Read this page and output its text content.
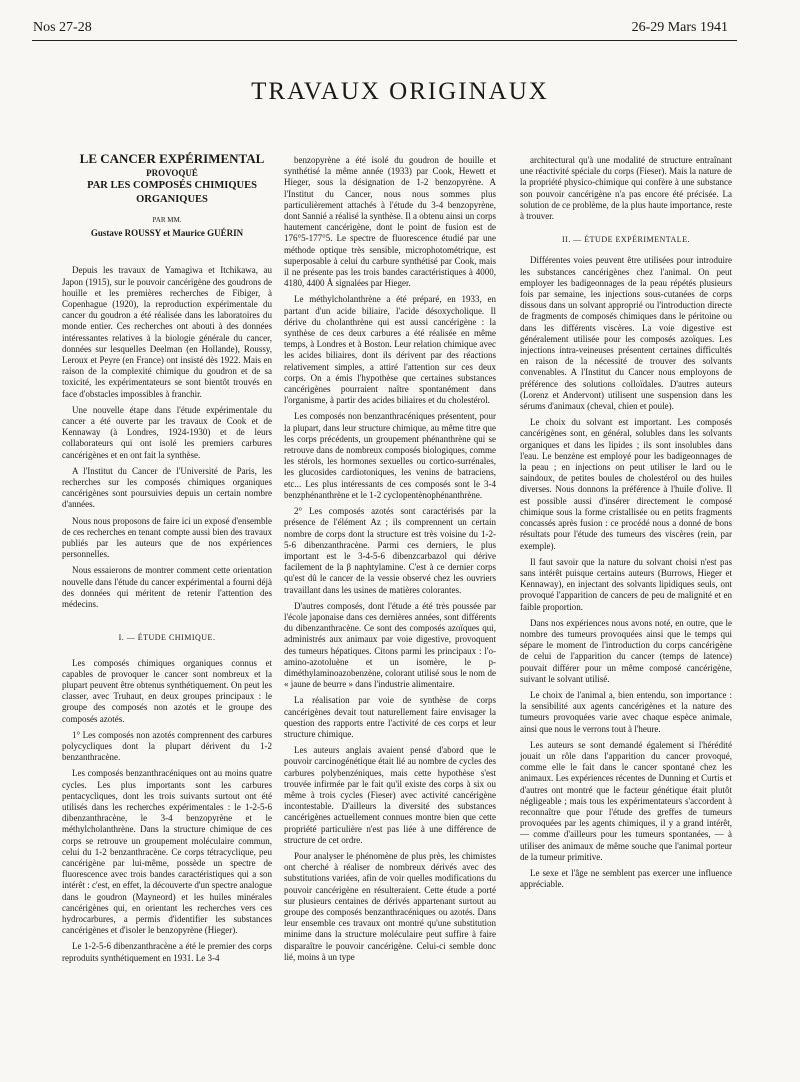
Nos 27-28	26-29 Mars 1941
TRAVAUX ORIGINAUX

LE CANCER EXPÉRIMENTAL

PROVOQUÉ

PAR LES COMPOSÉS CHIMIQUES

ORGANIQUES

PAR MM.
Gustave ROUSSY et Maurice GUÉRIN

Depuis les travaux de Yamagiwa et Itchikawa, au Japon (1915), sur le pouvoir cancérigène des goudrons de houille et les premières recherches de Fibiger, à Copenhague (1920), la reproduction expérimentale du cancer du goudron a été réalisée dans les laboratoires du monde entier. Ces recherches ont abouti à des données intéressantes relatives à la biologie générale du cancer, données sur lesquelles Deelman (en Hollande), Roussy, Leroux et Peyre (en France) ont insisté dès 1922. Mais en raison de la complexité chimique du goudron et de sa toxicité, les expérimentateurs se sont bientôt trouvés en face d'obstacles impossibles à franchir.

Une nouvelle étape dans l'étude expérimentale du cancer a été ouverte par les travaux de Cook et de Kennaway (à Londres, 1924-1930) et de leurs collaborateurs qui ont isolé les premiers carbures cancérigènes et en ont fait la synthèse.

A l'Institut du Cancer de l'Université de Paris, les recherches sur les composés chimiques organiques cancérigènes sont poursuivies depuis un certain nombre d'années.

Nous nous proposons de faire ici un exposé d'ensemble de ces recherches en tenant compte aussi bien des travaux publiés par les auteurs que de nos expériences personnelles.

Nous essaierons de montrer comment cette orientation nouvelle dans l'étude du cancer expérimental a fourni déjà des données qui méritent de retenir l'attention des médecins.

I. — ÉTUDE CHIMIQUE.

Les composés chimiques organiques connus et capables de provoquer le cancer sont nombreux et la plupart peuvent être obtenus synthétiquement. On peut les classer, avec Truhaut, en deux groupes principaux : le groupe des composés non azotés et le groupe des composés azotés.

1° Les composés non azotés comprennent des carbures polycycliques dont la plupart dérivent du 1-2 benzanthracène.

Les composés benzanthracéniques ont au moins quatre cycles. Les plus importants sont les carbures pentacycliques, dont les trois suivants surtout ont été utilisés dans les recherches expérimentales : le 1-2-5-6 dibenzanthracène, le 3-4 benzopyrène et le méthylcholanthrène. Dans la structure chimique de ces corps se retrouve un groupement moléculaire commun, celui du 1-2 benzanthracène. Ce corps tétracyclique, peu cancérigène par lui-même, possède un spectre de fluorescence avec trois bandes caractéristiques qui a son intérêt : c'est, en effet, la découverte d'un spectre analogue dans le goudron (Mayneord) et les huiles minérales cancérigènes qui, en orientant les recherches vers ces hydrocarbures, a permis d'identifier les substances cancérigènes et d'isoler le benzopyrène (Hieger).

Le 1-2-5-6 dibenzanthracène a été le premier des corps reproduits synthétiquement en 1931. Le 3-4

benzopyrène a été isolé du goudron de houille et synthétisé la même année (1933) par Cook, Hewett et Hieger, sous la désignation de 1-2 benzopyrène. A l'Institut du Cancer, nous nous sommes plus particulièrement attachés à l'étude du 3-4 benzopyrène, dont Sannié a réalisé la synthèse. Il a obtenu ainsi un corps hautement cancérigène, dont le point de fusion est de 176°5-177°5. Le spectre de fluorescence étudié par une méthode optique très sensible, microphotométrique, est superposable à celui du carbure synthétisé par Cook, mais il ne présente pas les trois bandes caractéristiques à 4000, 4180, 4400 Å signalées par Hieger.

Le méthylcholanthrène a été préparé, en 1933, en partant d'un acide biliaire, l'acide désoxycholique. Il dérive du cholanthrène qui est aussi cancérigène : la synthèse de ces deux carbures a été réalisée en même temps, à Londres et à Boston. Leur relation chimique avec les acides biliaires, dont ils dérivent par des réactions relativement simples, a attiré l'attention sur ces deux corps. On a émis l'hypothèse que certaines substances cancérigènes pourraient naître spontanément dans l'organisme, à partir des acides biliaires et du cholestérol.

Les composés non benzanthracéniques présentent, pour la plupart, dans leur structure chimique, au même titre que les corps précédents, un groupement phénanthrène qui se retrouve dans de nombreux composés biologiques, comme les stérols, les hormones sexuelles ou cortico-surrénales, les glucosides cardiotoniques, les venins de batraciens, etc... Les plus intéressants de ces composés sont le 3-4 benzphénanthrène et le 1-2 cyclopentènophénanthrène.

2° Les composés azotés sont caractérisés par la présence de l'élément Az ; ils comprennent un certain nombre de corps dont la structure est très voisine du 1-2-5-6 dibenzanthracène. Parmi ces derniers, le plus important est le 3-4-5-6 dibenzcarbazol qui dérive facilement de la β naphtylamine. C'est à ce dernier corps qu'est dû le cancer de la vessie observé chez les ouvriers travaillant dans les usines de matières colorantes.

D'autres composés, dont l'étude a été très poussée par l'école japonaise dans ces dernières années, sont différents du dibenzanthracène. Ce sont des composés azoïques qui, administrés aux animaux par voie digestive, provoquent des tumeurs hépatiques. Citons parmi les principaux : l'o-amino-azotoluène et un isomère, le p-diméthylaminoazobenzène, colorant utilisé sous le nom de « jaune de beurre » dans l'industrie alimentaire.

La réalisation par voie de synthèse de corps cancérigènes devait tout naturellement faire envisager la question des rapports entre l'activité de ces corps et leur structure chimique.

Les auteurs anglais avaient pensé d'abord que le pouvoir carcinogénétique était lié au nombre de cycles des carbures polybenzéniques, mais cette hypothèse s'est trouvée infirmée par le fait qu'il existe des corps à six ou même à trois cycles (Fieser) avec activité cancérigène incontestable. D'ailleurs la diversité des substances cancérigènes actuellement connues montre bien que cette propriété particulière n'est pas liée à une différence de structure de cet ordre.

Pour analyser le phénomène de plus près, les chimistes ont cherché à réaliser de nombreux dérivés avec des substitutions variées, afin de voir quelles modifications du pouvoir cancérigène en résulteraient. Cette étude a porté sur plusieurs centaines de dérivés appartenant surtout au groupe des composés benzanthracéniques ou azotés. Dans leur ensemble ces travaux ont montré qu'une substitution minime dans la structure moléculaire peut suffire à faire disparaître le pouvoir cancérigène. Celui-ci semble donc lié, moins à un type

architectural qu'à une modalité de structure entraînant une réactivité spéciale du corps (Fieser). Mais la nature de la propriété physico-chimique qui confère à une substance son pouvoir cancérigène n'a pas encore été précisée. La solution de ce problème, de la plus haute importance, reste à trouver.

II. — ÉTUDE EXPÉRIMENTALE.

Différentes voies peuvent être utilisées pour introduire les substances cancérigènes chez l'animal. On peut employer les badigeonnages de la peau répétés plusieurs fois par semaine, les injections sous-cutanées de corps dissous dans un solvant approprié ou l'introduction directe de fragments de composés chimiques dans le péritoine ou dans les différents viscères. La voie digestive est généralement utilisée pour les composés azoïques. Les injections intra-veineuses présentent certaines difficultés en raison de la nécessité de trouver des solvants convenables. A l'Institut du Cancer nous employons de préférence des solutions colloïdales. D'autres auteurs (Lorenz et Andervont) utilisent une suspension dans les sérums d'animaux (cheval, chien et poule).

Le choix du solvant est important. Les composés cancérigènes sont, en général, solubles dans les solvants organiques et dans les lipides ; ils sont insolubles dans l'eau. Le benzène est employé pour les badigeonnages de la peau ; en injections on peut utiliser le lard ou le saindoux, de petites boules de cholestérol ou des huiles diverses. Nous donnons la préférence à l'huile d'olive. Il est possible aussi d'insérer directement le composé chimique sous la forme cristallisée ou en petits fragments concassés après fusion : ce procédé nous a donné de bons résultats pour l'étude des tumeurs des viscères (rein, par exemple).

Il faut savoir que la nature du solvant choisi n'est pas sans intérêt puisque certains auteurs (Burrows, Hieger et Kennaway), en injectant des solvants lipidiques seuls, ont provoqué l'apparition de cancers de peu de malignité et en faible proportion.

Dans nos expériences nous avons noté, en outre, que le nombre des tumeurs provoquées ainsi que le temps qui sépare le moment de l'introduction du corps cancérigène de celui de l'apparition du cancer (temps de latence) pouvait différer pour un même composé cancérigène, suivant le solvant utilisé.

Le choix de l'animal a, bien entendu, son importance : la sensibilité aux agents cancérigènes et la nature des tumeurs provoquées varie avec chaque espèce animale, ainsi que nous le verrons tout à l'heure.

Les auteurs se sont demandé également si l'hérédité jouait un rôle dans l'apparition du cancer provoqué, comme elle le fait dans le cancer spontané chez les animaux. Les expériences récentes de Dunning et Curtis et d'autres ont montré que le facteur génétique était plutôt négligeable ; mais tous les expérimentateurs s'accordent à reconnaître que pour l'étude des greffes de tumeurs provoquées par les agents chimiques, il y a grand intérêt, — comme d'ailleurs pour les tumeurs spontanées, — à utiliser des animaux de même souche que l'animal porteur de la tumeur primitive.

Le sexe et l'âge ne semblent pas exercer une influence appréciable.
